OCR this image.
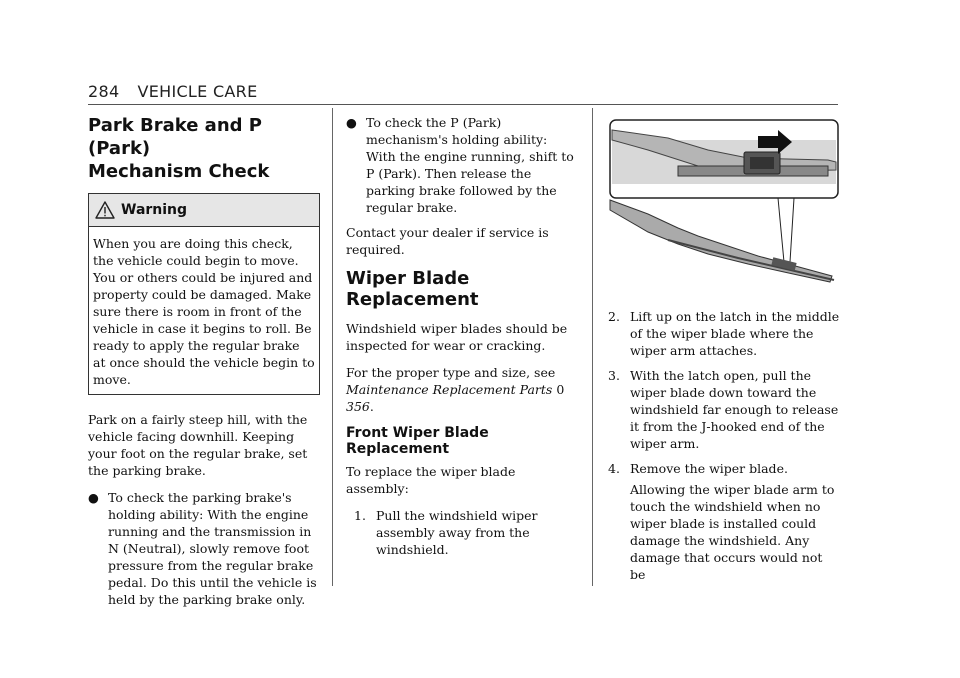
284 VEHICLE CARE
Park Brake and P (Park)
Mechanism Check
Warning

When you are doing this check, the vehicle could begin to move. You or others could be injured and property could be damaged. Make sure there is room in front of the vehicle in case it begins to roll. Be ready to apply the regular brake at once should the vehicle begin to move.

Park on a fairly steep hill, with the vehicle facing downhill. Keeping your foot on the regular brake, set the parking brake.

● To check the parking brake's holding ability: With the engine running and the transmission in N (Neutral), slowly remove foot pressure from the regular brake pedal. Do this until the vehicle is held by the parking brake only.
● To check the P (Park) mechanism's holding ability: With the engine running, shift to P (Park). Then release the parking brake followed by the regular brake.

Contact your dealer if service is required.

Wiper Blade Replacement

Windshield wiper blades should be inspected for wear or cracking.

For the proper type and size, see
Maintenance Replacement Parts 0 356.

Front Wiper Blade Replacement

To replace the wiper blade assembly:

1. Pull the windshield wiper assembly away from the windshield.
2. Lift up on the latch in the middle of the wiper blade where the wiper arm attaches.
3. With the latch open, pull the wiper blade down toward the windshield far enough to release it from the J-hooked end of the wiper arm.
4. Remove the wiper blade.

Allowing the wiper blade arm to touch the windshield when no wiper blade is installed could damage the windshield. Any damage that occurs would not be
